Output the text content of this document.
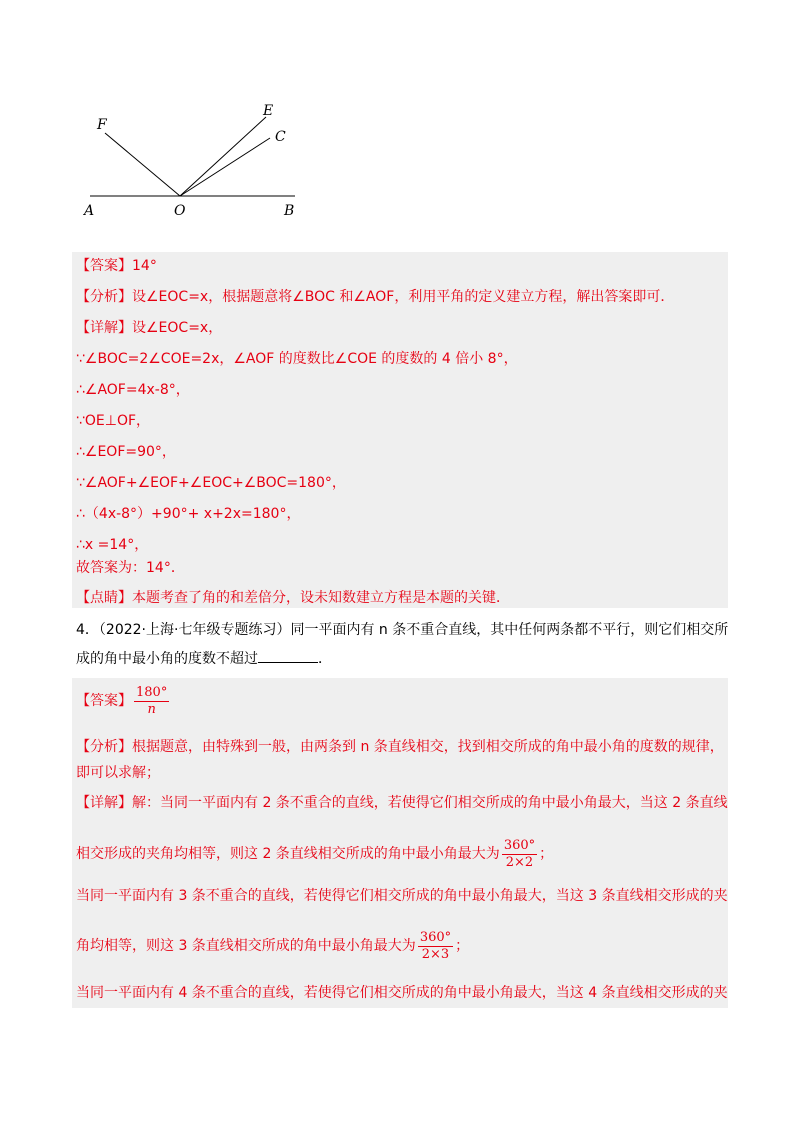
A	O	B
F
E
C
【答案】14°
【分析】设∠EOC=x，根据题意将∠BOC 和∠AOF，利用平角的定义建立方程，解出答案即可．
【详解】设∠EOC=x，
∵∠BOC=2∠COE=2x，∠AOF 的度数比∠COE 的度数的 4 倍小 8°，
∴∠AOF=4x-8°，
∵OE⊥OF，
∴∠EOF=90°，
∵∠AOF+∠EOF+∠EOC+∠BOC=180°，
∴（4x-8°）+90°+ x+2x=180°，
∴x =14°，
故答案为：14°．
【点睛】本题考查了角的和差倍分，设未知数建立方程是本题的关键．
4．（2022·上海·七年级专题练习）同一平面内有 n 条不重合直线，其中任何两条都不平行，则它们相交所
成的角中最小角的度数不超过	．
【答案】 $\frac{180^\circ}{n}$
【分析】根据题意，由特殊到一般，由两条到 n 条直线相交，找到相交所成的角中最小角的度数的规律，
即可以求解；
【详解】解：当同一平面内有 2 条不重合的直线，若使得它们相交所成的角中最小角最大，当这 2 条直线
相交形成的夹角均相等，则这 2 条直线相交所成的角中最小角最大为 $\frac{360^\circ}{2\times 2}$ ；
当同一平面内有 3 条不重合的直线，若使得它们相交所成的角中最小角最大，当这 3 条直线相交形成的夹
角均相等，则这 3 条直线相交所成的角中最小角最大为 $\frac{360^\circ}{2\times 3}$ ；
当同一平面内有 4 条不重合的直线，若使得它们相交所成的角中最小角最大，当这 4 条直线相交形成的夹
